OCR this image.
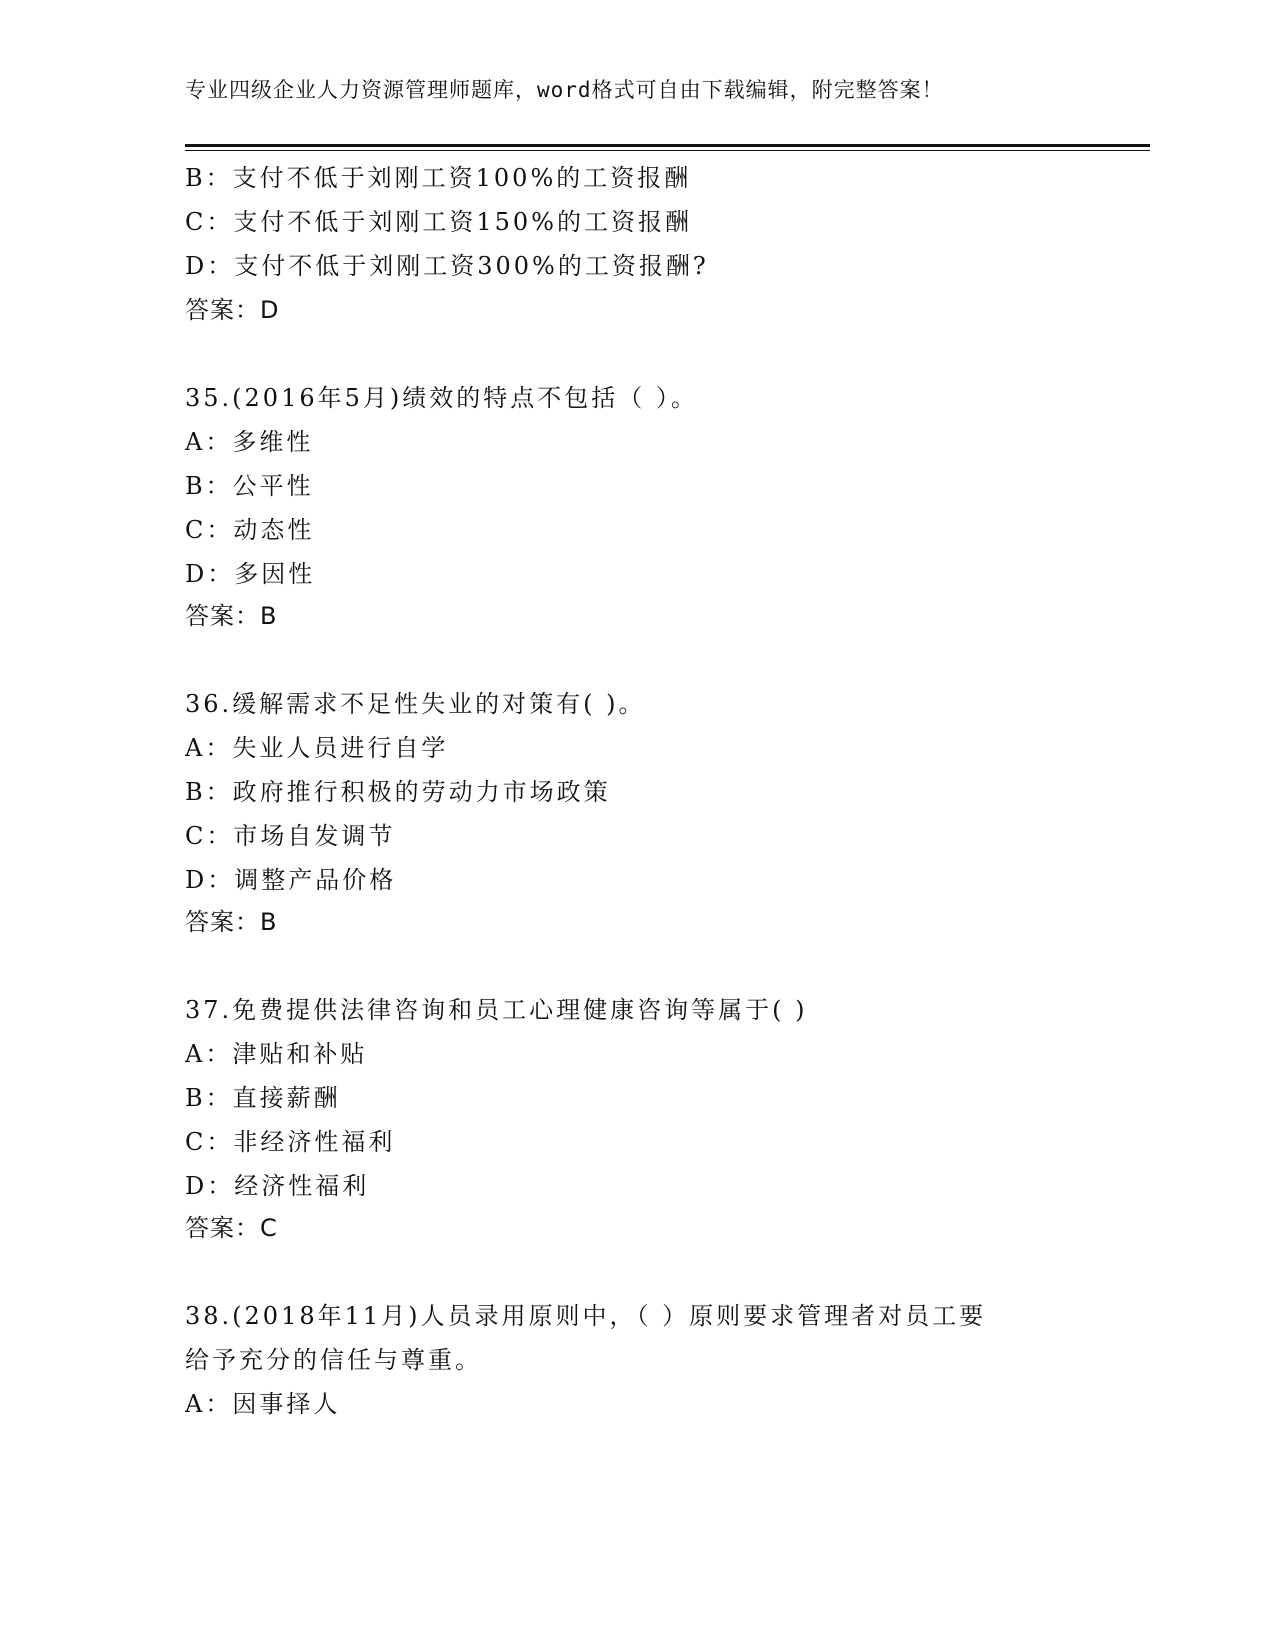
专业四级企业人力资源管理师题库，word格式可自由下载编辑，附完整答案！
B：支付不低于刘刚工资100%的工资报酬
C：支付不低于刘刚工资150%的工资报酬
D：支付不低于刘刚工资300%的工资报酬?
答案：D
35.(2016年5月)绩效的特点不包括（ ）。
A：多维性
B：公平性
C：动态性
D：多因性
答案：B
36.缓解需求不足性失业的对策有( )。
A：失业人员进行自学
B：政府推行积极的劳动力市场政策
C：市场自发调节
D：调整产品价格
答案：B
37.免费提供法律咨询和员工心理健康咨询等属于( )
A：津贴和补贴
B：直接薪酬
C：非经济性福利
D：经济性福利
答案：C
38.(2018年11月)人员录用原则中，（ ）原则要求管理者对员工要
给予充分的信任与尊重。
A：因事择人
